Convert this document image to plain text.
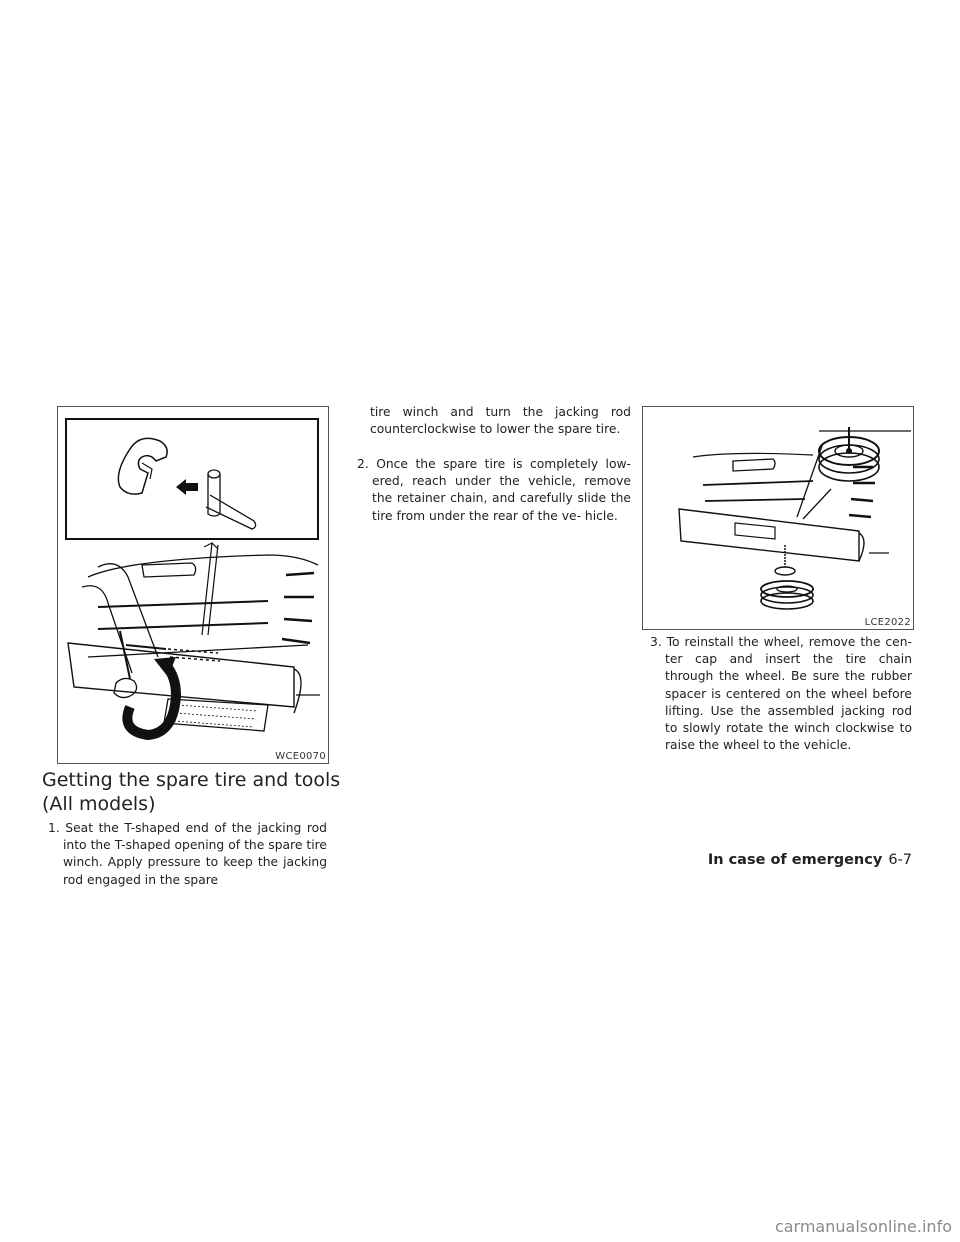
WCE0070
LCE2022
Getting the spare tire and tools (All models)
1. Seat the T-shaped end of the jacking rod into the T-shaped opening of the spare tire winch. Apply pressure to keep the jacking rod engaged in the spare
tire winch and turn the jacking rod counterclockwise to lower the spare tire.
2. Once the spare tire is completely low- ered, reach under the vehicle, remove the retainer chain, and carefully slide the tire from under the rear of the ve- hicle.
3. To reinstall the wheel, remove the cen- ter cap and insert the tire chain through the wheel. Be sure the rubber spacer is centered on the wheel before lifting. Use the assembled jacking rod to slowly rotate the winch clockwise to raise the wheel to the vehicle.
In case of emergency 6-7
carmanualsonline.info
